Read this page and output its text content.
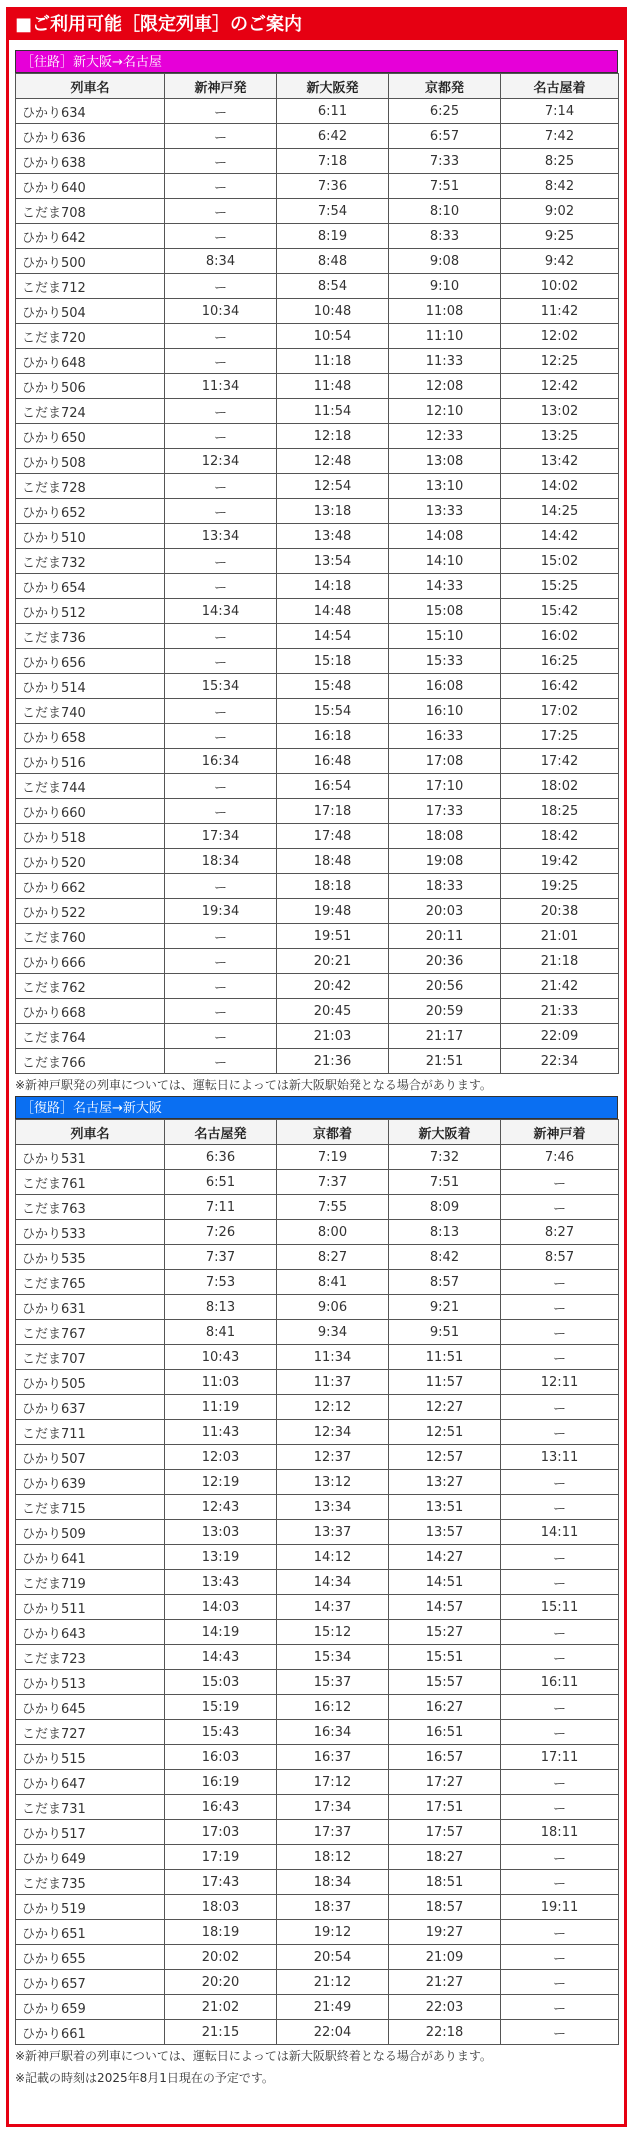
■ご利用可能［限定列車］のご案内
［往路］新大阪→名古屋
列車名	新神戸発	新大阪発	京都発	名古屋着
ひかり634	ー	6:11	6:25	7:14
ひかり636	ー	6:42	6:57	7:42
ひかり638	ー	7:18	7:33	8:25
ひかり640	ー	7:36	7:51	8:42
こだま708	ー	7:54	8:10	9:02
ひかり642	ー	8:19	8:33	9:25
ひかり500	8:34	8:48	9:08	9:42
こだま712	ー	8:54	9:10	10:02
ひかり504	10:34	10:48	11:08	11:42
こだま720	ー	10:54	11:10	12:02
ひかり648	ー	11:18	11:33	12:25
ひかり506	11:34	11:48	12:08	12:42
こだま724	ー	11:54	12:10	13:02
ひかり650	ー	12:18	12:33	13:25
ひかり508	12:34	12:48	13:08	13:42
こだま728	ー	12:54	13:10	14:02
ひかり652	ー	13:18	13:33	14:25
ひかり510	13:34	13:48	14:08	14:42
こだま732	ー	13:54	14:10	15:02
ひかり654	ー	14:18	14:33	15:25
ひかり512	14:34	14:48	15:08	15:42
こだま736	ー	14:54	15:10	16:02
ひかり656	ー	15:18	15:33	16:25
ひかり514	15:34	15:48	16:08	16:42
こだま740	ー	15:54	16:10	17:02
ひかり658	ー	16:18	16:33	17:25
ひかり516	16:34	16:48	17:08	17:42
こだま744	ー	16:54	17:10	18:02
ひかり660	ー	17:18	17:33	18:25
ひかり518	17:34	17:48	18:08	18:42
ひかり520	18:34	18:48	19:08	19:42
ひかり662	ー	18:18	18:33	19:25
ひかり522	19:34	19:48	20:03	20:38
こだま760	ー	19:51	20:11	21:01
ひかり666	ー	20:21	20:36	21:18
こだま762	ー	20:42	20:56	21:42
ひかり668	ー	20:45	20:59	21:33
こだま764	ー	21:03	21:17	22:09
こだま766	ー	21:36	21:51	22:34
※新神戸駅発の列車については、運転日によっては新大阪駅始発となる場合があります。
［復路］名古屋→新大阪
列車名	名古屋発	京都着	新大阪着	新神戸着
ひかり531	6:36	7:19	7:32	7:46
こだま761	6:51	7:37	7:51	ー
こだま763	7:11	7:55	8:09	ー
ひかり533	7:26	8:00	8:13	8:27
ひかり535	7:37	8:27	8:42	8:57
こだま765	7:53	8:41	8:57	ー
ひかり631	8:13	9:06	9:21	ー
こだま767	8:41	9:34	9:51	ー
こだま707	10:43	11:34	11:51	ー
ひかり505	11:03	11:37	11:57	12:11
ひかり637	11:19	12:12	12:27	ー
こだま711	11:43	12:34	12:51	ー
ひかり507	12:03	12:37	12:57	13:11
ひかり639	12:19	13:12	13:27	ー
こだま715	12:43	13:34	13:51	ー
ひかり509	13:03	13:37	13:57	14:11
ひかり641	13:19	14:12	14:27	ー
こだま719	13:43	14:34	14:51	ー
ひかり511	14:03	14:37	14:57	15:11
ひかり643	14:19	15:12	15:27	ー
こだま723	14:43	15:34	15:51	ー
ひかり513	15:03	15:37	15:57	16:11
ひかり645	15:19	16:12	16:27	ー
こだま727	15:43	16:34	16:51	ー
ひかり515	16:03	16:37	16:57	17:11
ひかり647	16:19	17:12	17:27	ー
こだま731	16:43	17:34	17:51	ー
ひかり517	17:03	17:37	17:57	18:11
ひかり649	17:19	18:12	18:27	ー
こだま735	17:43	18:34	18:51	ー
ひかり519	18:03	18:37	18:57	19:11
ひかり651	18:19	19:12	19:27	ー
ひかり655	20:02	20:54	21:09	ー
ひかり657	20:20	21:12	21:27	ー
ひかり659	21:02	21:49	22:03	ー
ひかり661	21:15	22:04	22:18	ー
※新神戸駅着の列車については、運転日によっては新大阪駅終着となる場合があります。
※記載の時刻は2025年8月1日現在の予定です。
